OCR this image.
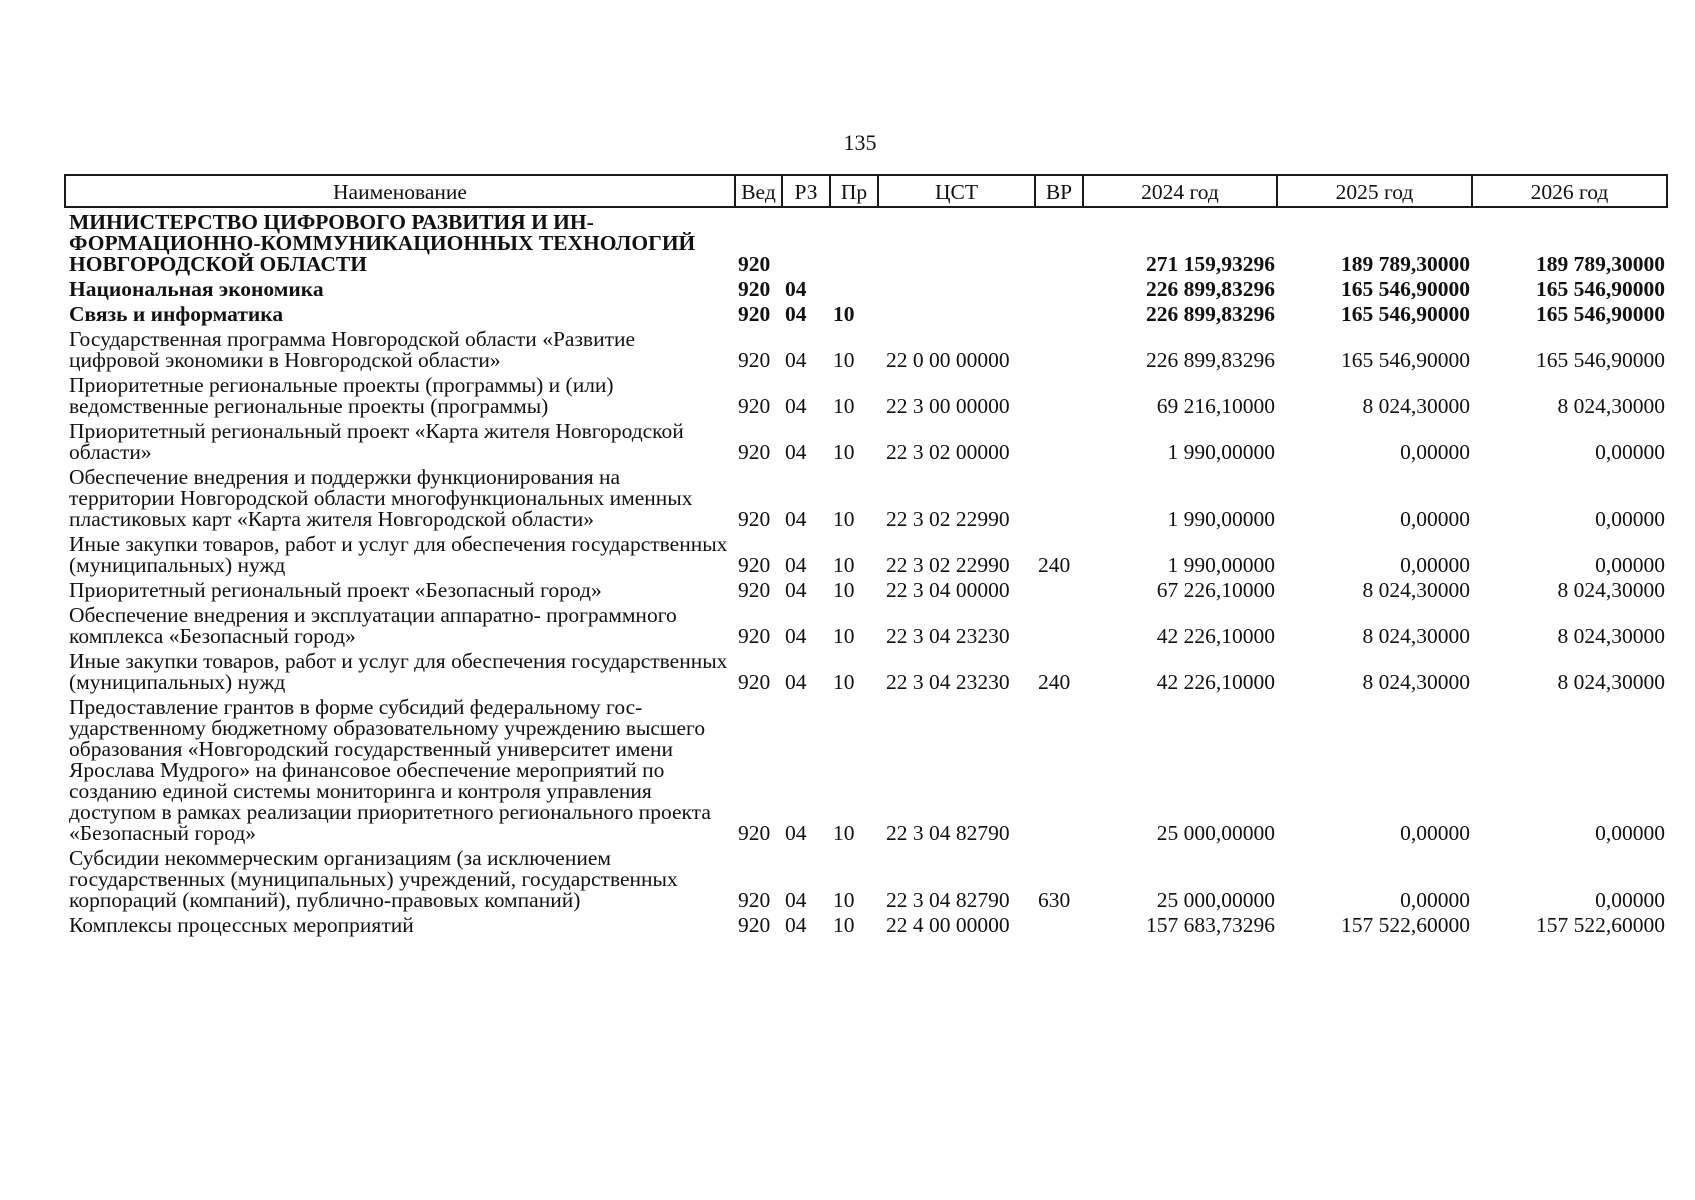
135
Наименование	Вед	РЗ	Пр	ЦСТ	ВР	2024 год	2025 год	2026 год
МИНИСТЕРСТВО ЦИФРОВОГО РАЗВИТИЯ И ИНФОРМАЦИОННО-КОММУНИКАЦИОННЫХ ТЕХНОЛОГИЙ НОВГОРОДСКОЙ ОБЛАСТИ	920					271 159,93296	189 789,30000	189 789,30000
Национальная экономика	920	04				226 899,83296	165 546,90000	165 546,90000
Связь и информатика	920	04	10			226 899,83296	165 546,90000	165 546,90000
Государственная программа Новгородской области «Развитие цифровой экономики в Новгородской области»	920	04	10	22 0 00 00000		226 899,83296	165 546,90000	165 546,90000
Приоритетные региональные проекты (программы) и (или) ведомственные региональные проекты (программы)	920	04	10	22 3 00 00000		69 216,10000	8 024,30000	8 024,30000
Приоритетный региональный проект «Карта жителя Новгородской области»	920	04	10	22 3 02 00000		1 990,00000	0,00000	0,00000
Обеспечение внедрения и поддержки функционирования на территории Новгородской области многофункциональных именных пластиковых карт «Карта жителя Новгородской области»	920	04	10	22 3 02 22990		1 990,00000	0,00000	0,00000
Иные закупки товаров, работ и услуг для обеспечения государственных (муниципальных) нужд	920	04	10	22 3 02 22990	240	1 990,00000	0,00000	0,00000
Приоритетный региональный проект «Безопасный город»	920	04	10	22 3 04 00000		67 226,10000	8 024,30000	8 024,30000
Обеспечение внедрения и эксплуатации аппаратно- программного комплекса «Безопасный город»	920	04	10	22 3 04 23230		42 226,10000	8 024,30000	8 024,30000
Иные закупки товаров, работ и услуг для обеспечения государственных (муниципальных) нужд	920	04	10	22 3 04 23230	240	42 226,10000	8 024,30000	8 024,30000
Предоставление грантов в форме субсидий федеральному государственному бюджетному образовательному учреждению высшего образования «Новгородский государственный университет имени Ярослава Мудрого» на финансовое обеспечение мероприятий по созданию единой системы мониторинга и контроля управления доступом в рамках реализации приоритетного регионального проекта «Безопасный город»	920	04	10	22 3 04 82790		25 000,00000	0,00000	0,00000
Субсидии некоммерческим организациям (за исключением государственных (муниципальных) учреждений, государственных корпораций (компаний), публично-правовых компаний)	920	04	10	22 3 04 82790	630	25 000,00000	0,00000	0,00000
Комплексы процессных мероприятий	920	04	10	22 4 00 00000		157 683,73296	157 522,60000	157 522,60000
